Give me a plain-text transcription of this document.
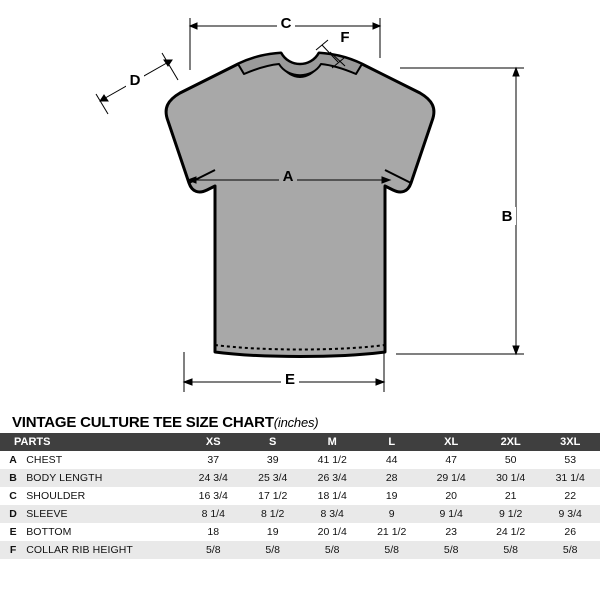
C
F
D
A
B
E
VINTAGE CULTURE TEE SIZE CHART(inches)
PARTS		XS	S	M	L	XL	2XL	3XL
A	CHEST	37	39	41 1/2	44	47	50	53
B	BODY LENGTH	24 3/4	25 3/4	26 3/4	28	29 1/4	30 1/4	31 1/4
C	SHOULDER	16 3/4	17 1/2	18 1/4	19	20	21	22
D	SLEEVE	8 1/4	8 1/2	8 3/4	9	9 1/4	9 1/2	9 3/4
E	BOTTOM	18	19	20 1/4	21 1/2	23	24 1/2	26
F	COLLAR RIB HEIGHT	5/8	5/8	5/8	5/8	5/8	5/8	5/8
